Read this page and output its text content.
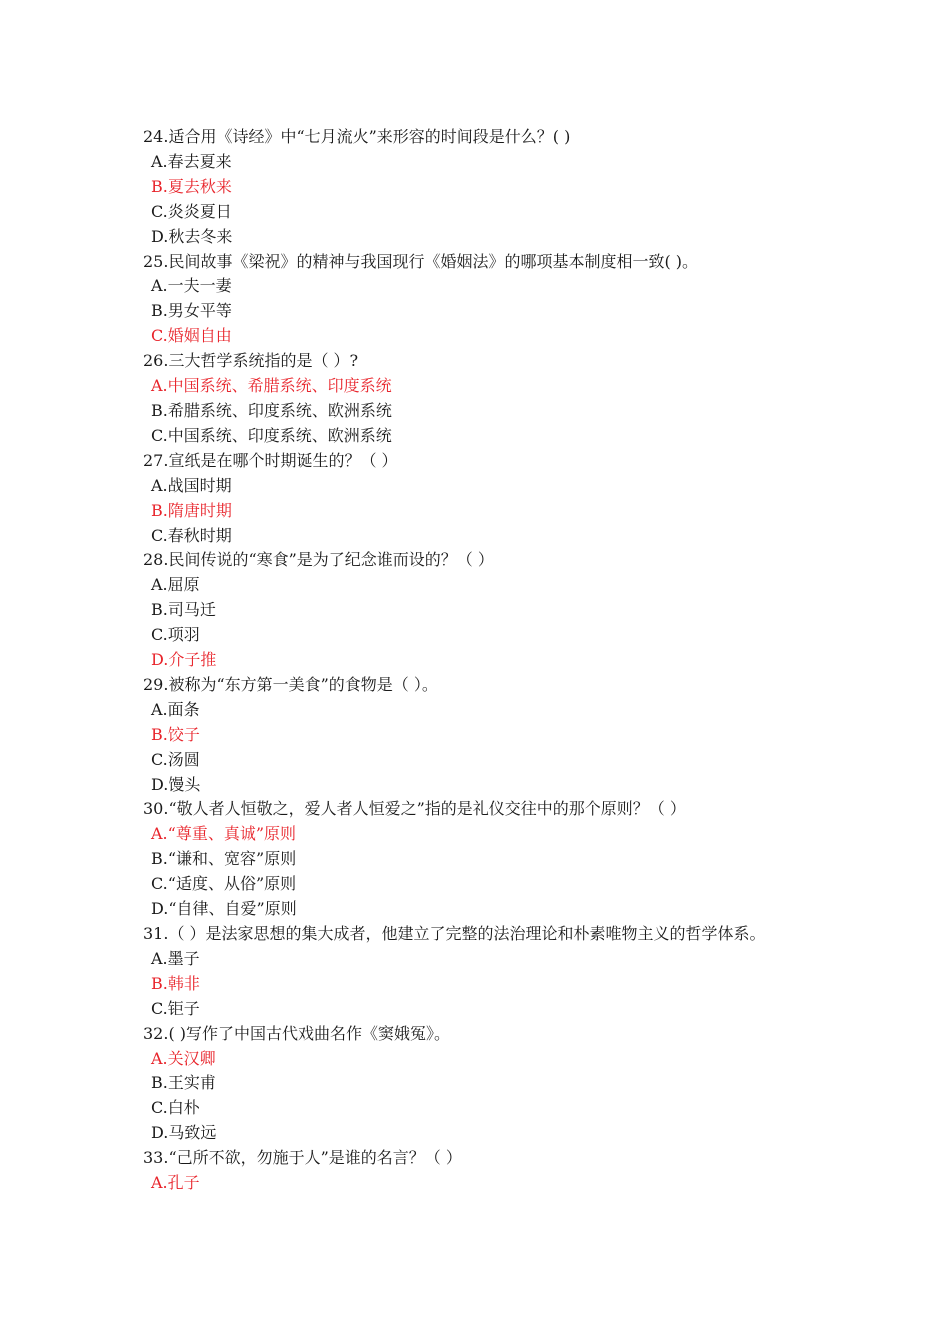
24.适合用《诗经》中“七月流火”来形容的时间段是什么？( )
A.春去夏来
B.夏去秋来
C.炎炎夏日
D.秋去冬来
25.民间故事《梁祝》的精神与我国现行《婚姻法》的哪项基本制度相一致( )。
A.一夫一妻
B.男女平等
C.婚姻自由
26.三大哲学系统指的是（ ）?
A.中国系统、希腊系统、印度系统
B.希腊系统、印度系统、欧洲系统
C.中国系统、印度系统、欧洲系统
27.宣纸是在哪个时期诞生的？（ ）
A.战国时期
B.隋唐时期
C.春秋时期
28.民间传说的“寒食”是为了纪念谁而设的？（ ）
A.屈原
B.司马迁
C.项羽
D.介子推
29.被称为“东方第一美食”的食物是（ ）。
A.面条
B.饺子
C.汤圆
D.馒头
30.“敬人者人恒敬之，爱人者人恒爱之”指的是礼仪交往中的那个原则？（ ）
A.“尊重、真诚”原则
B.“谦和、宽容”原则
C.“适度、从俗”原则
D.“自律、自爱”原则
31.（ ）是法家思想的集大成者，他建立了完整的法治理论和朴素唯物主义的哲学体系。
A.墨子
B.韩非
C.钜子
32.( )写作了中国古代戏曲名作《窦娥冤》。
A.关汉卿
B.王实甫
C.白朴
D.马致远
33.“己所不欲，勿施于人”是谁的名言？（ ）
A.孔子
